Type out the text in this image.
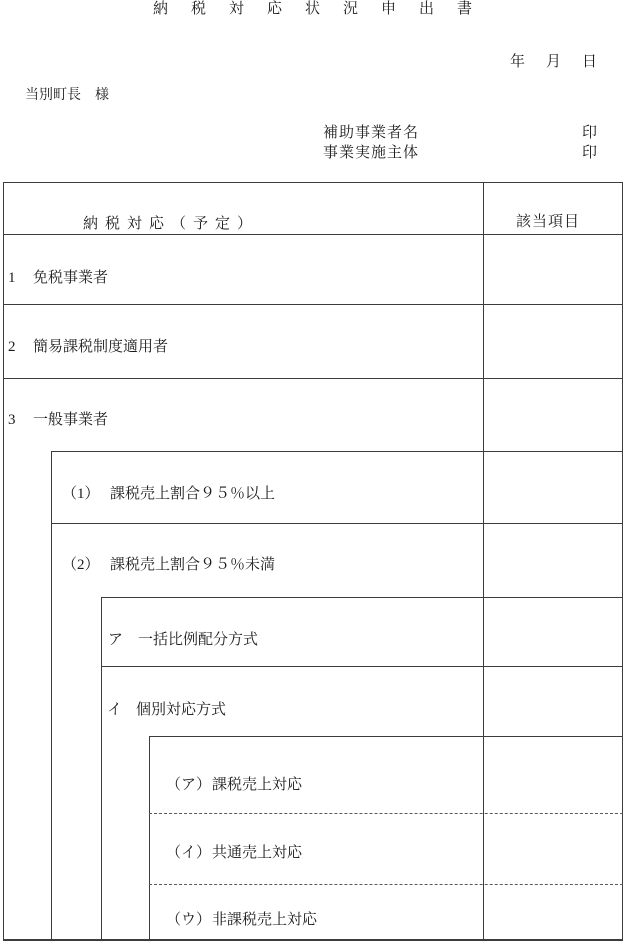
納税対応状況申出書
年　月　日
当別町長　様
補助事業者名	印
事業実施主体	印
納税対応（予定）	該当項目
1 免税事業者
2 簡易課税制度適用者
3 一般事業者
（1） 課税売上割合９５％以上
（2） 課税売上割合９５％未満
ア 一括比例配分方式
イ 個別対応方式
（ア） 課税売上対応
（イ） 共通売上対応
（ウ） 非課税売上対応
